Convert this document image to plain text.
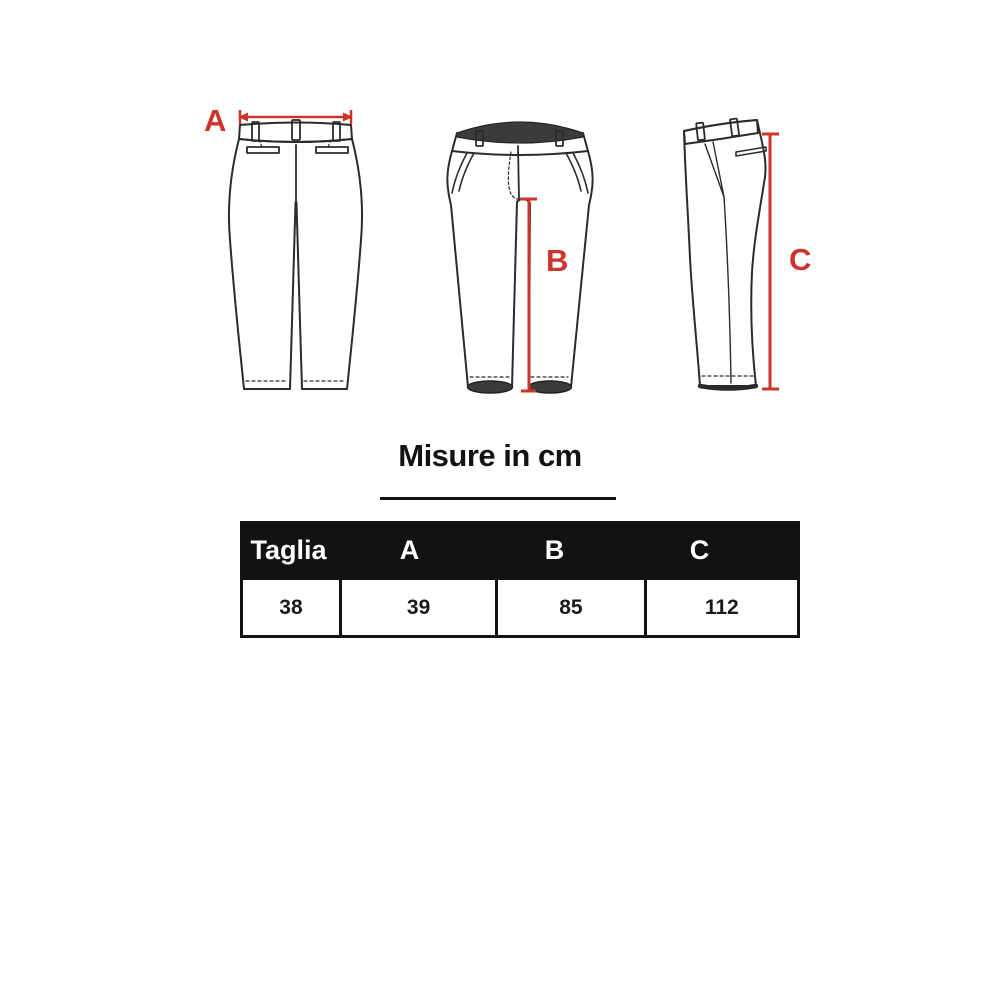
A
B	C
Misure in cm
Taglia	A	B	C
38	39	85	112
